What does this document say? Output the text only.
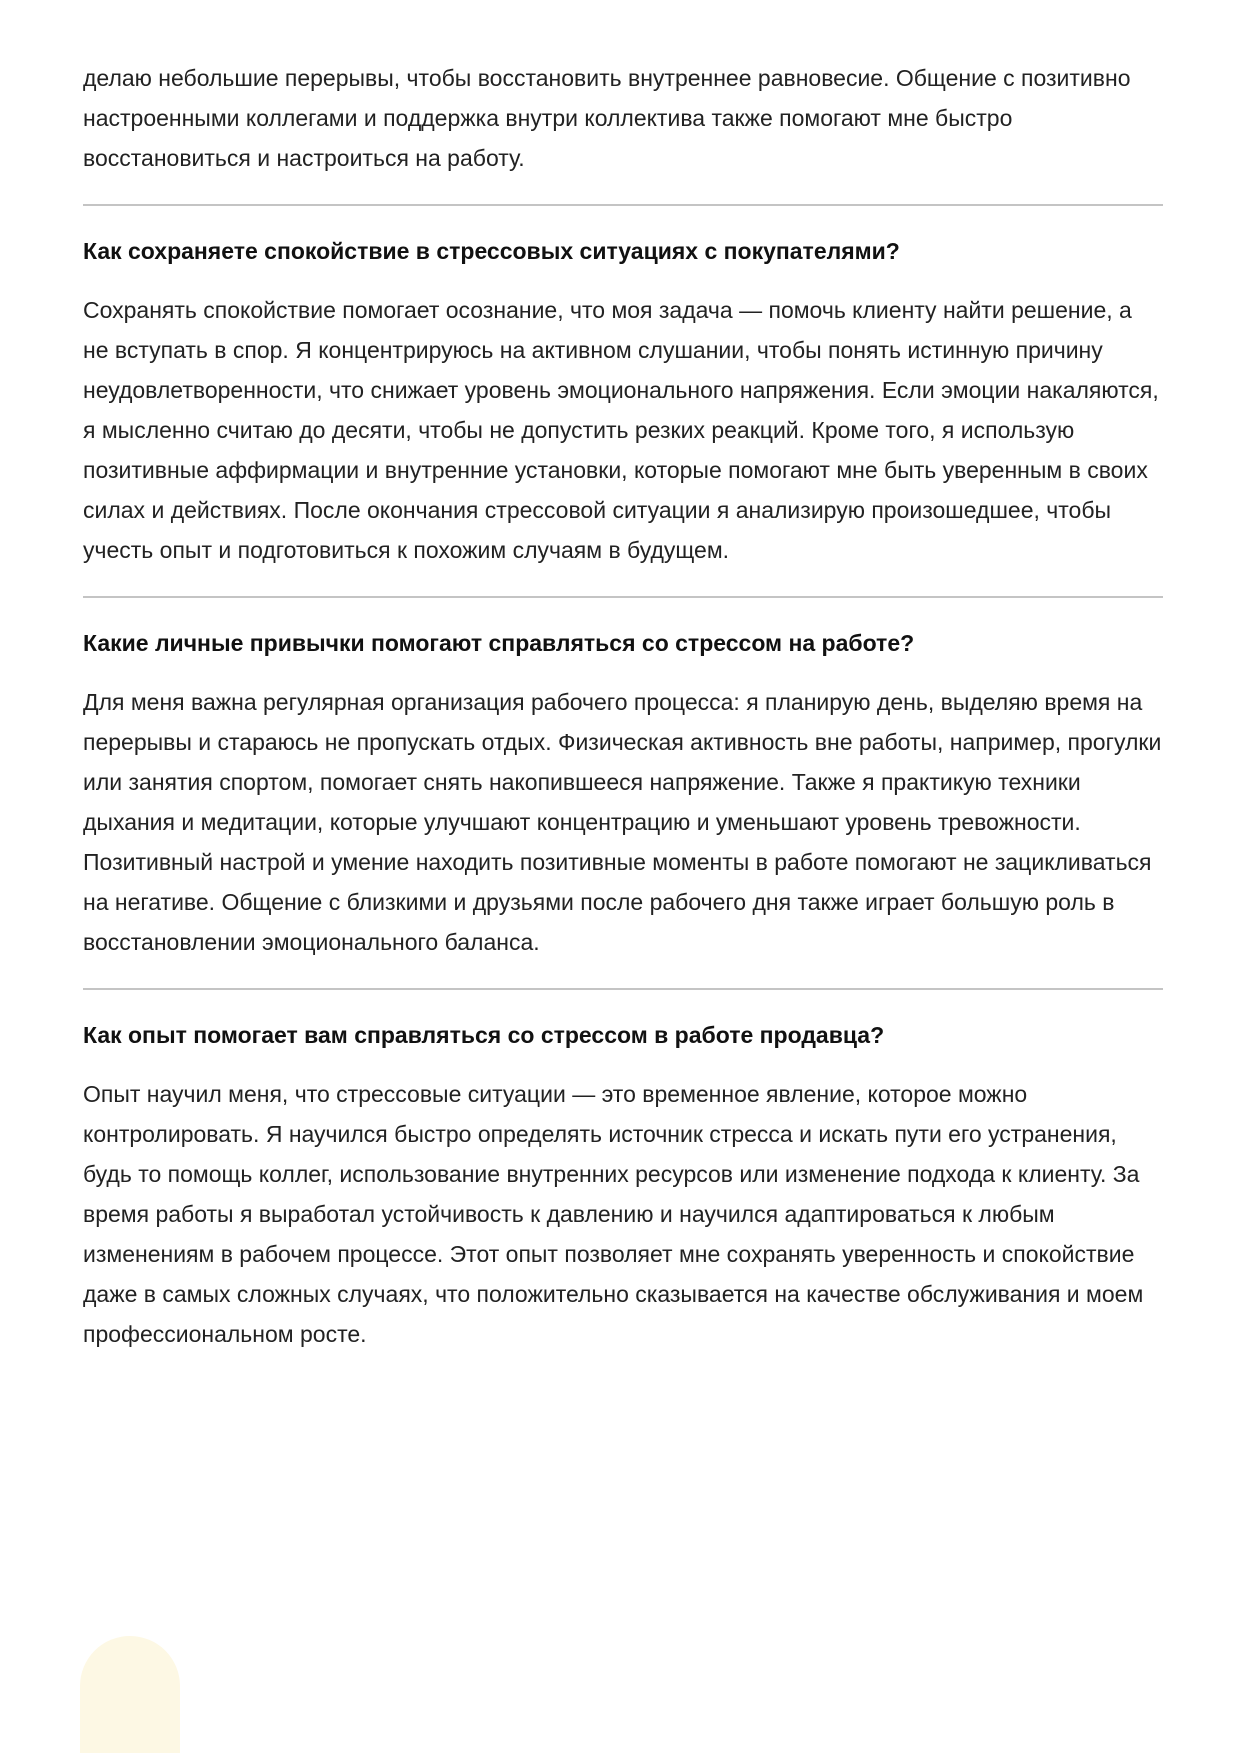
делаю небольшие перерывы, чтобы восстановить внутреннее равновесие. Общение с позитивно настроенными коллегами и поддержка внутри коллектива также помогают мне быстро восстановиться и настроиться на работу.

Как сохраняете спокойствие в стрессовых ситуациях с покупателями?

Сохранять спокойствие помогает осознание, что моя задача — помочь клиенту найти решение, а не вступать в спор. Я концентрируюсь на активном слушании, чтобы понять истинную причину неудовлетворенности, что снижает уровень эмоционального напряжения. Если эмоции накаляются, я мысленно считаю до десяти, чтобы не допустить резких реакций. Кроме того, я использую позитивные аффирмации и внутренние установки, которые помогают мне быть уверенным в своих силах и действиях. После окончания стрессовой ситуации я анализирую произошедшее, чтобы учесть опыт и подготовиться к похожим случаям в будущем.

Какие личные привычки помогают справляться со стрессом на работе?

Для меня важна регулярная организация рабочего процесса: я планирую день, выделяю время на перерывы и стараюсь не пропускать отдых. Физическая активность вне работы, например, прогулки или занятия спортом, помогает снять накопившееся напряжение. Также я практикую техники дыхания и медитации, которые улучшают концентрацию и уменьшают уровень тревожности. Позитивный настрой и умение находить позитивные моменты в работе помогают не зацикливаться на негативе. Общение с близкими и друзьями после рабочего дня также играет большую роль в восстановлении эмоционального баланса.

Как опыт помогает вам справляться со стрессом в работе продавца?

Опыт научил меня, что стрессовые ситуации — это временное явление, которое можно контролировать. Я научился быстро определять источник стресса и искать пути его устранения, будь то помощь коллег, использование внутренних ресурсов или изменение подхода к клиенту. За время работы я выработал устойчивость к давлению и научился адаптироваться к любым изменениям в рабочем процессе. Этот опыт позволяет мне сохранять уверенность и спокойствие даже в самых сложных случаях, что положительно сказывается на качестве обслуживания и моем профессиональном росте.
